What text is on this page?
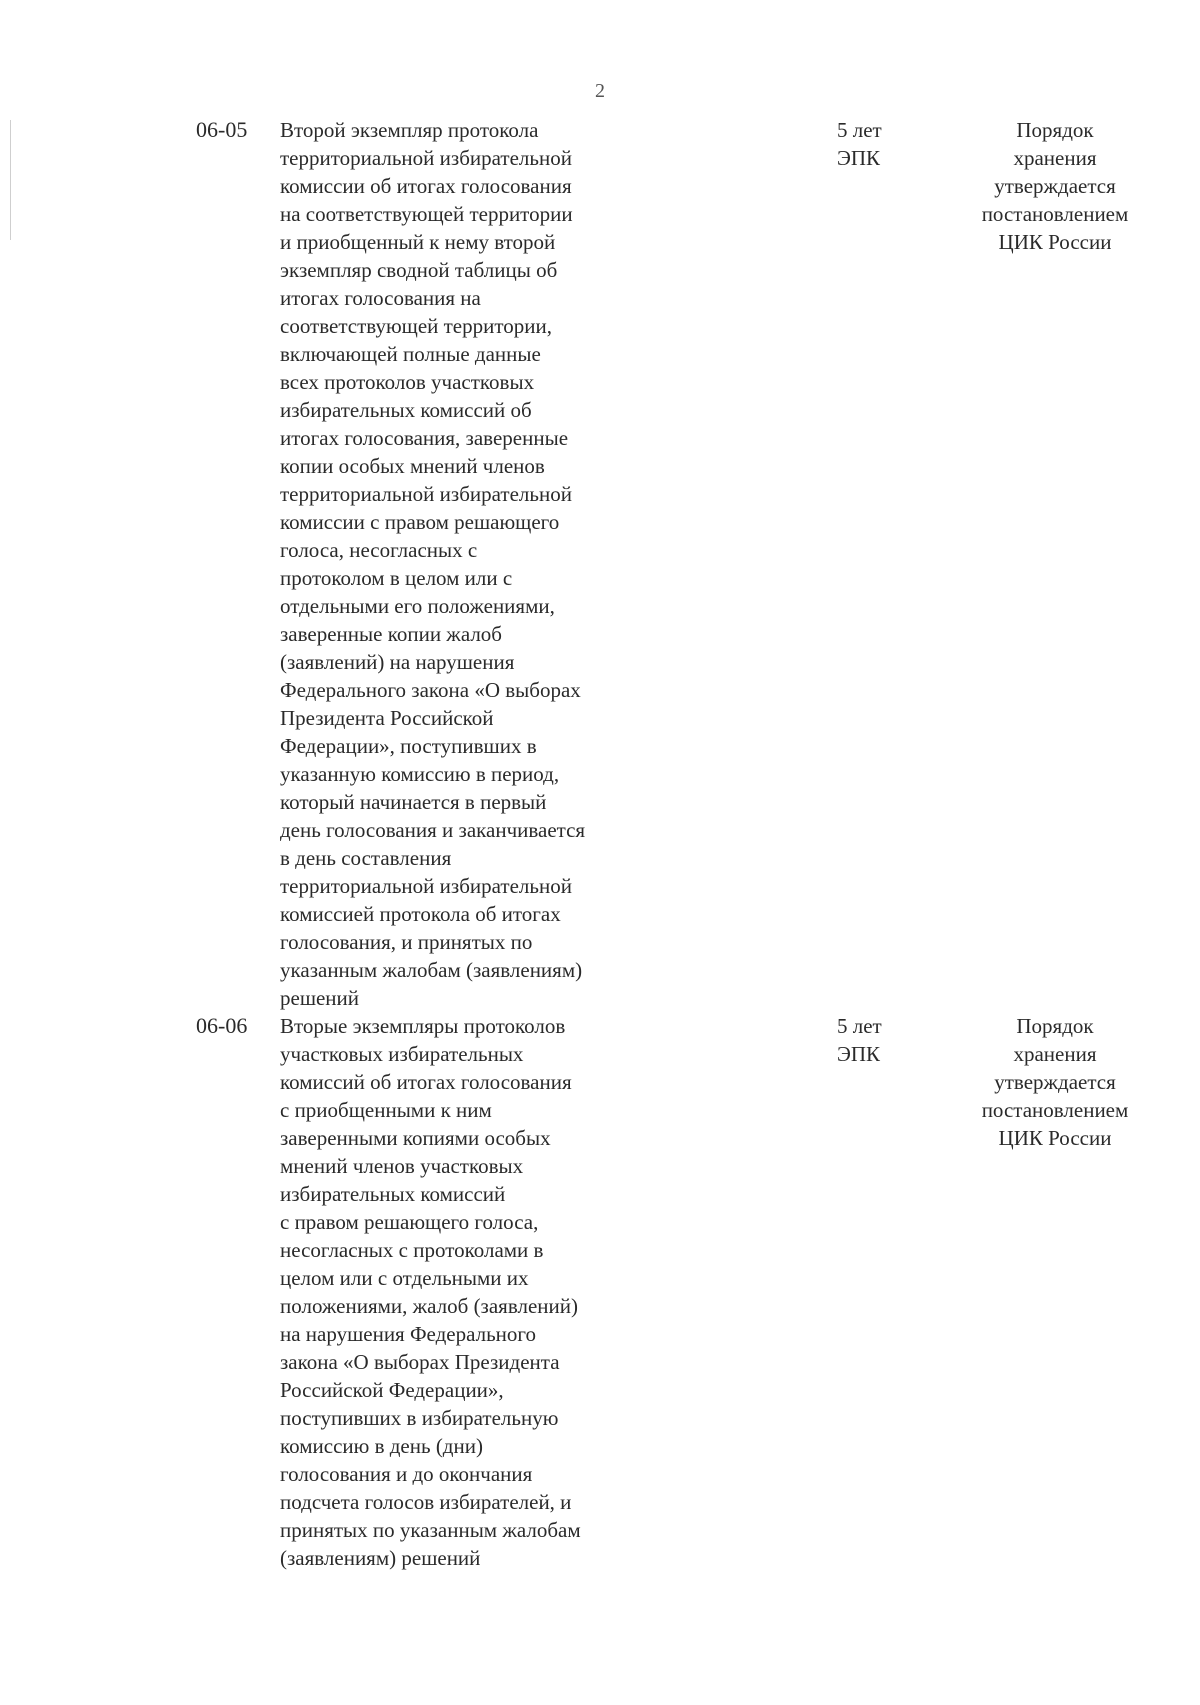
2
06-05 Второй экземпляр протокола
территориальной избирательной
комиссии об итогах голосования
на соответствующей территории
и приобщенный к нему второй
экземпляр сводной таблицы об
итогах голосования на
соответствующей территории,
включающей полные данные
всех протоколов участковых
избирательных комиссий об
итогах голосования, заверенные
копии особых мнений членов
территориальной избирательной
комиссии с правом решающего
голоса, несогласных с
протоколом в целом или с
отдельными его положениями,
заверенные копии жалоб
(заявлений) на нарушения
Федерального закона «О выборах
Президента Российской
Федерации», поступивших в
указанную комиссию в период,
который начинается в первый
день голосования и заканчивается
в день составления
территориальной избирательной
комиссией протокола об итогах
голосования, и принятых по
указанным жалобам (заявлениям)
решений
5 лет
ЭПК
Порядок
хранения
утверждается
постановлением
ЦИК России
06-06 Вторые экземпляры протоколов
участковых избирательных
комиссий об итогах голосования
с приобщенными к ним
заверенными копиями особых
мнений членов участковых
избирательных комиссий
с правом решающего голоса,
несогласных с протоколами в
целом или с отдельными их
положениями, жалоб (заявлений)
на нарушения Федерального
закона «О выборах Президента
Российской Федерации»,
поступивших в избирательную
комиссию в день (дни)
голосования и до окончания
подсчета голосов избирателей, и
принятых по указанным жалобам
(заявлениям) решений
5 лет
ЭПК
Порядок
хранения
утверждается
постановлением
ЦИК России
